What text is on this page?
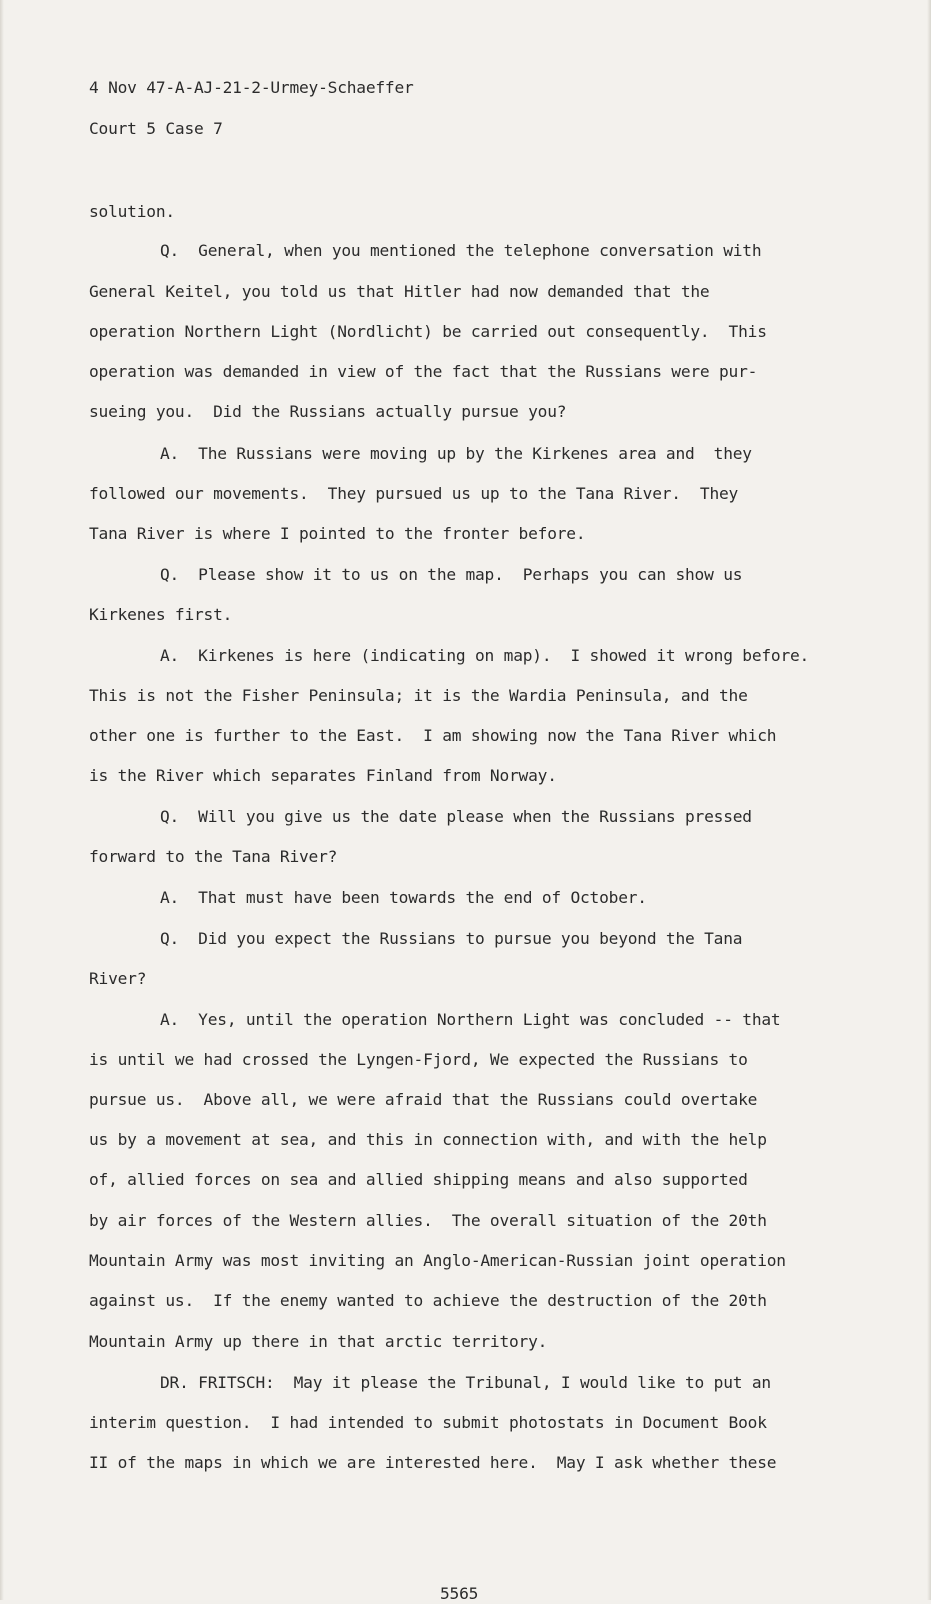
4 Nov 47-A-AJ-21-2-Urmey-Schaeffer
Court 5 Case 7
solution.
Q.  General, when you mentioned the telephone conversation with
General Keitel, you told us that Hitler had now demanded that the
operation Northern Light (Nordlicht) be carried out consequently.  This
operation was demanded in view of the fact that the Russians were pur-
sueing you.  Did the Russians actually pursue you?
A.  The Russians were moving up by the Kirkenes area and  they
followed our movements.  They pursued us up to the Tana River.  They
Tana River is where I pointed to the fronter before.
Q.  Please show it to us on the map.  Perhaps you can show us
Kirkenes first.
A.  Kirkenes is here (indicating on map).  I showed it wrong before.
This is not the Fisher Peninsula; it is the Wardia Peninsula, and the
other one is further to the East.  I am showing now the Tana River which
is the River which separates Finland from Norway.
Q.  Will you give us the date please when the Russians pressed
forward to the Tana River?
A.  That must have been towards the end of October.
Q.  Did you expect the Russians to pursue you beyond the Tana
River?
A.  Yes, until the operation Northern Light was concluded -- that
is until we had crossed the Lyngen-Fjord, We expected the Russians to
pursue us.  Above all, we were afraid that the Russians could overtake
us by a movement at sea, and this in connection with, and with the help
of, allied forces on sea and allied shipping means and also supported
by air forces of the Western allies.  The overall situation of the 20th
Mountain Army was most inviting an Anglo-American-Russian joint operation
against us.  If the enemy wanted to achieve the destruction of the 20th
Mountain Army up there in that arctic territory.
DR. FRITSCH:  May it please the Tribunal, I would like to put an
interim question.  I had intended to submit photostats in Document Book
II of the maps in which we are interested here.  May I ask whether these
5565
